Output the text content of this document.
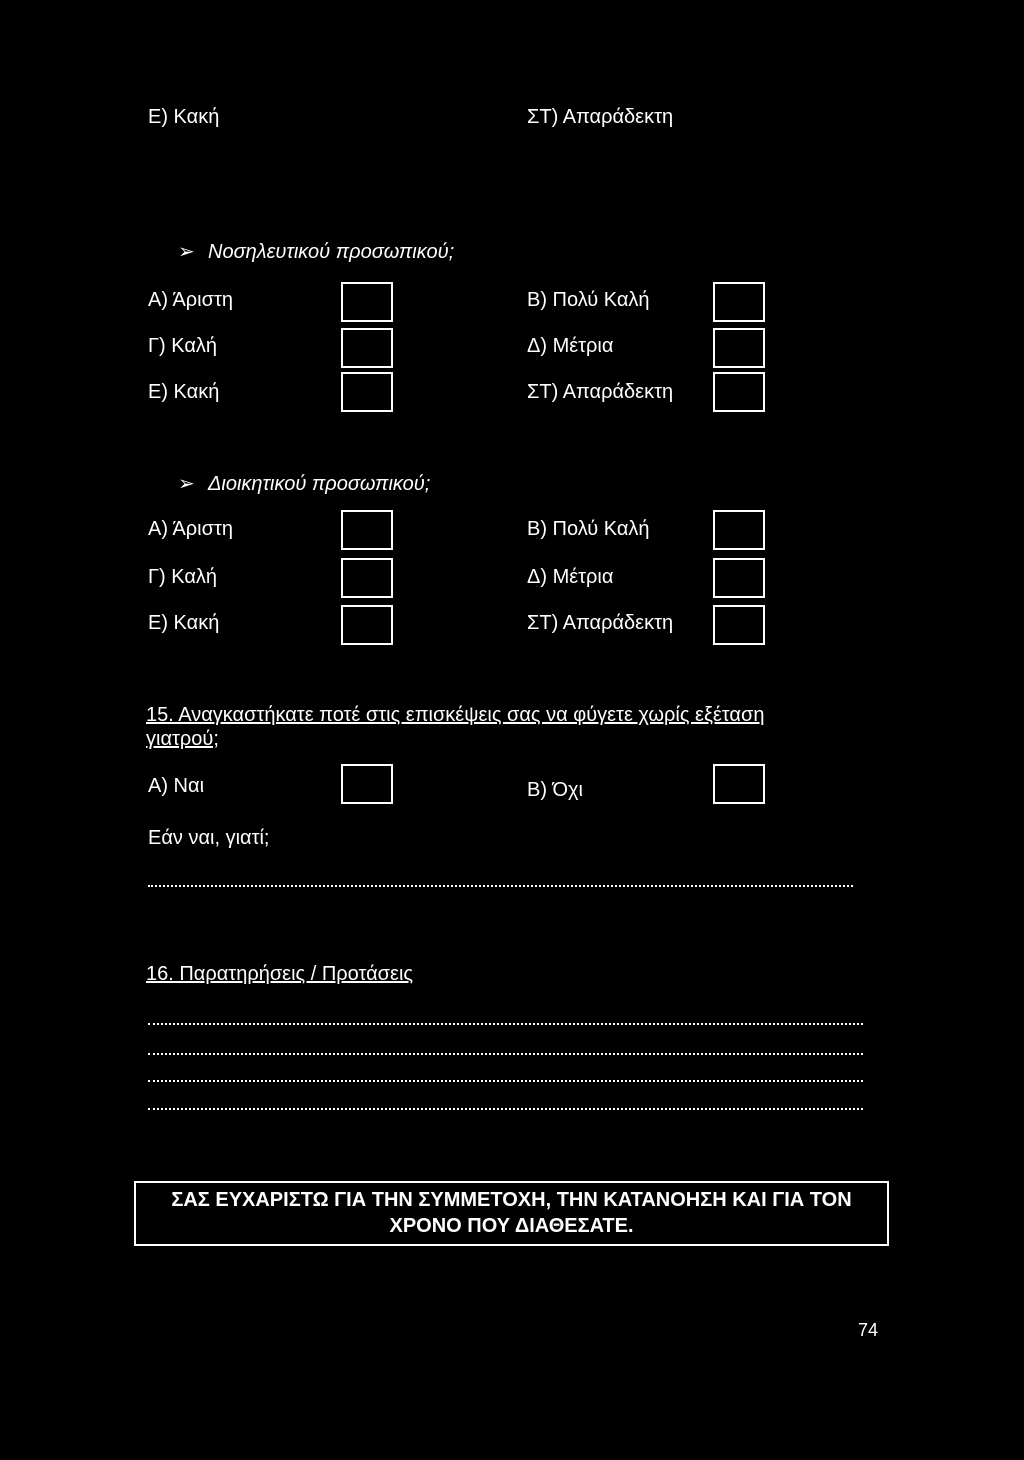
Ε) Κακή	ΣΤ) Απαράδεκτη
➢ Νοσηλευτικού προσωπικού;
Α) Άριστη	Β) Πολύ Καλή
Γ) Καλή	Δ) Μέτρια
Ε) Κακή	ΣΤ) Απαράδεκτη
➢ Διοικητικού προσωπικού;
Α) Άριστη	Β) Πολύ Καλή
Γ) Καλή	Δ) Μέτρια
Ε) Κακή	ΣΤ) Απαράδεκτη
15. Αναγκαστήκατε ποτέ στις επισκέψεις σας να φύγετε χωρίς εξέταση γιατρού;
Α) Ναι	Β) Όχι
Εάν ναι, γιατί;
16. Παρατηρήσεις / Προτάσεις
ΣΑΣ ΕΥΧΑΡΙΣΤΩ ΓΙΑ ΤΗΝ ΣΥΜΜΕΤΟΧΗ, ΤΗΝ ΚΑΤΑΝΟΗΣΗ ΚΑΙ ΓΙΑ ΤΟΝ
ΧΡΟΝΟ ΠΟΥ ΔΙΑΘΕΣΑΤΕ.
74
